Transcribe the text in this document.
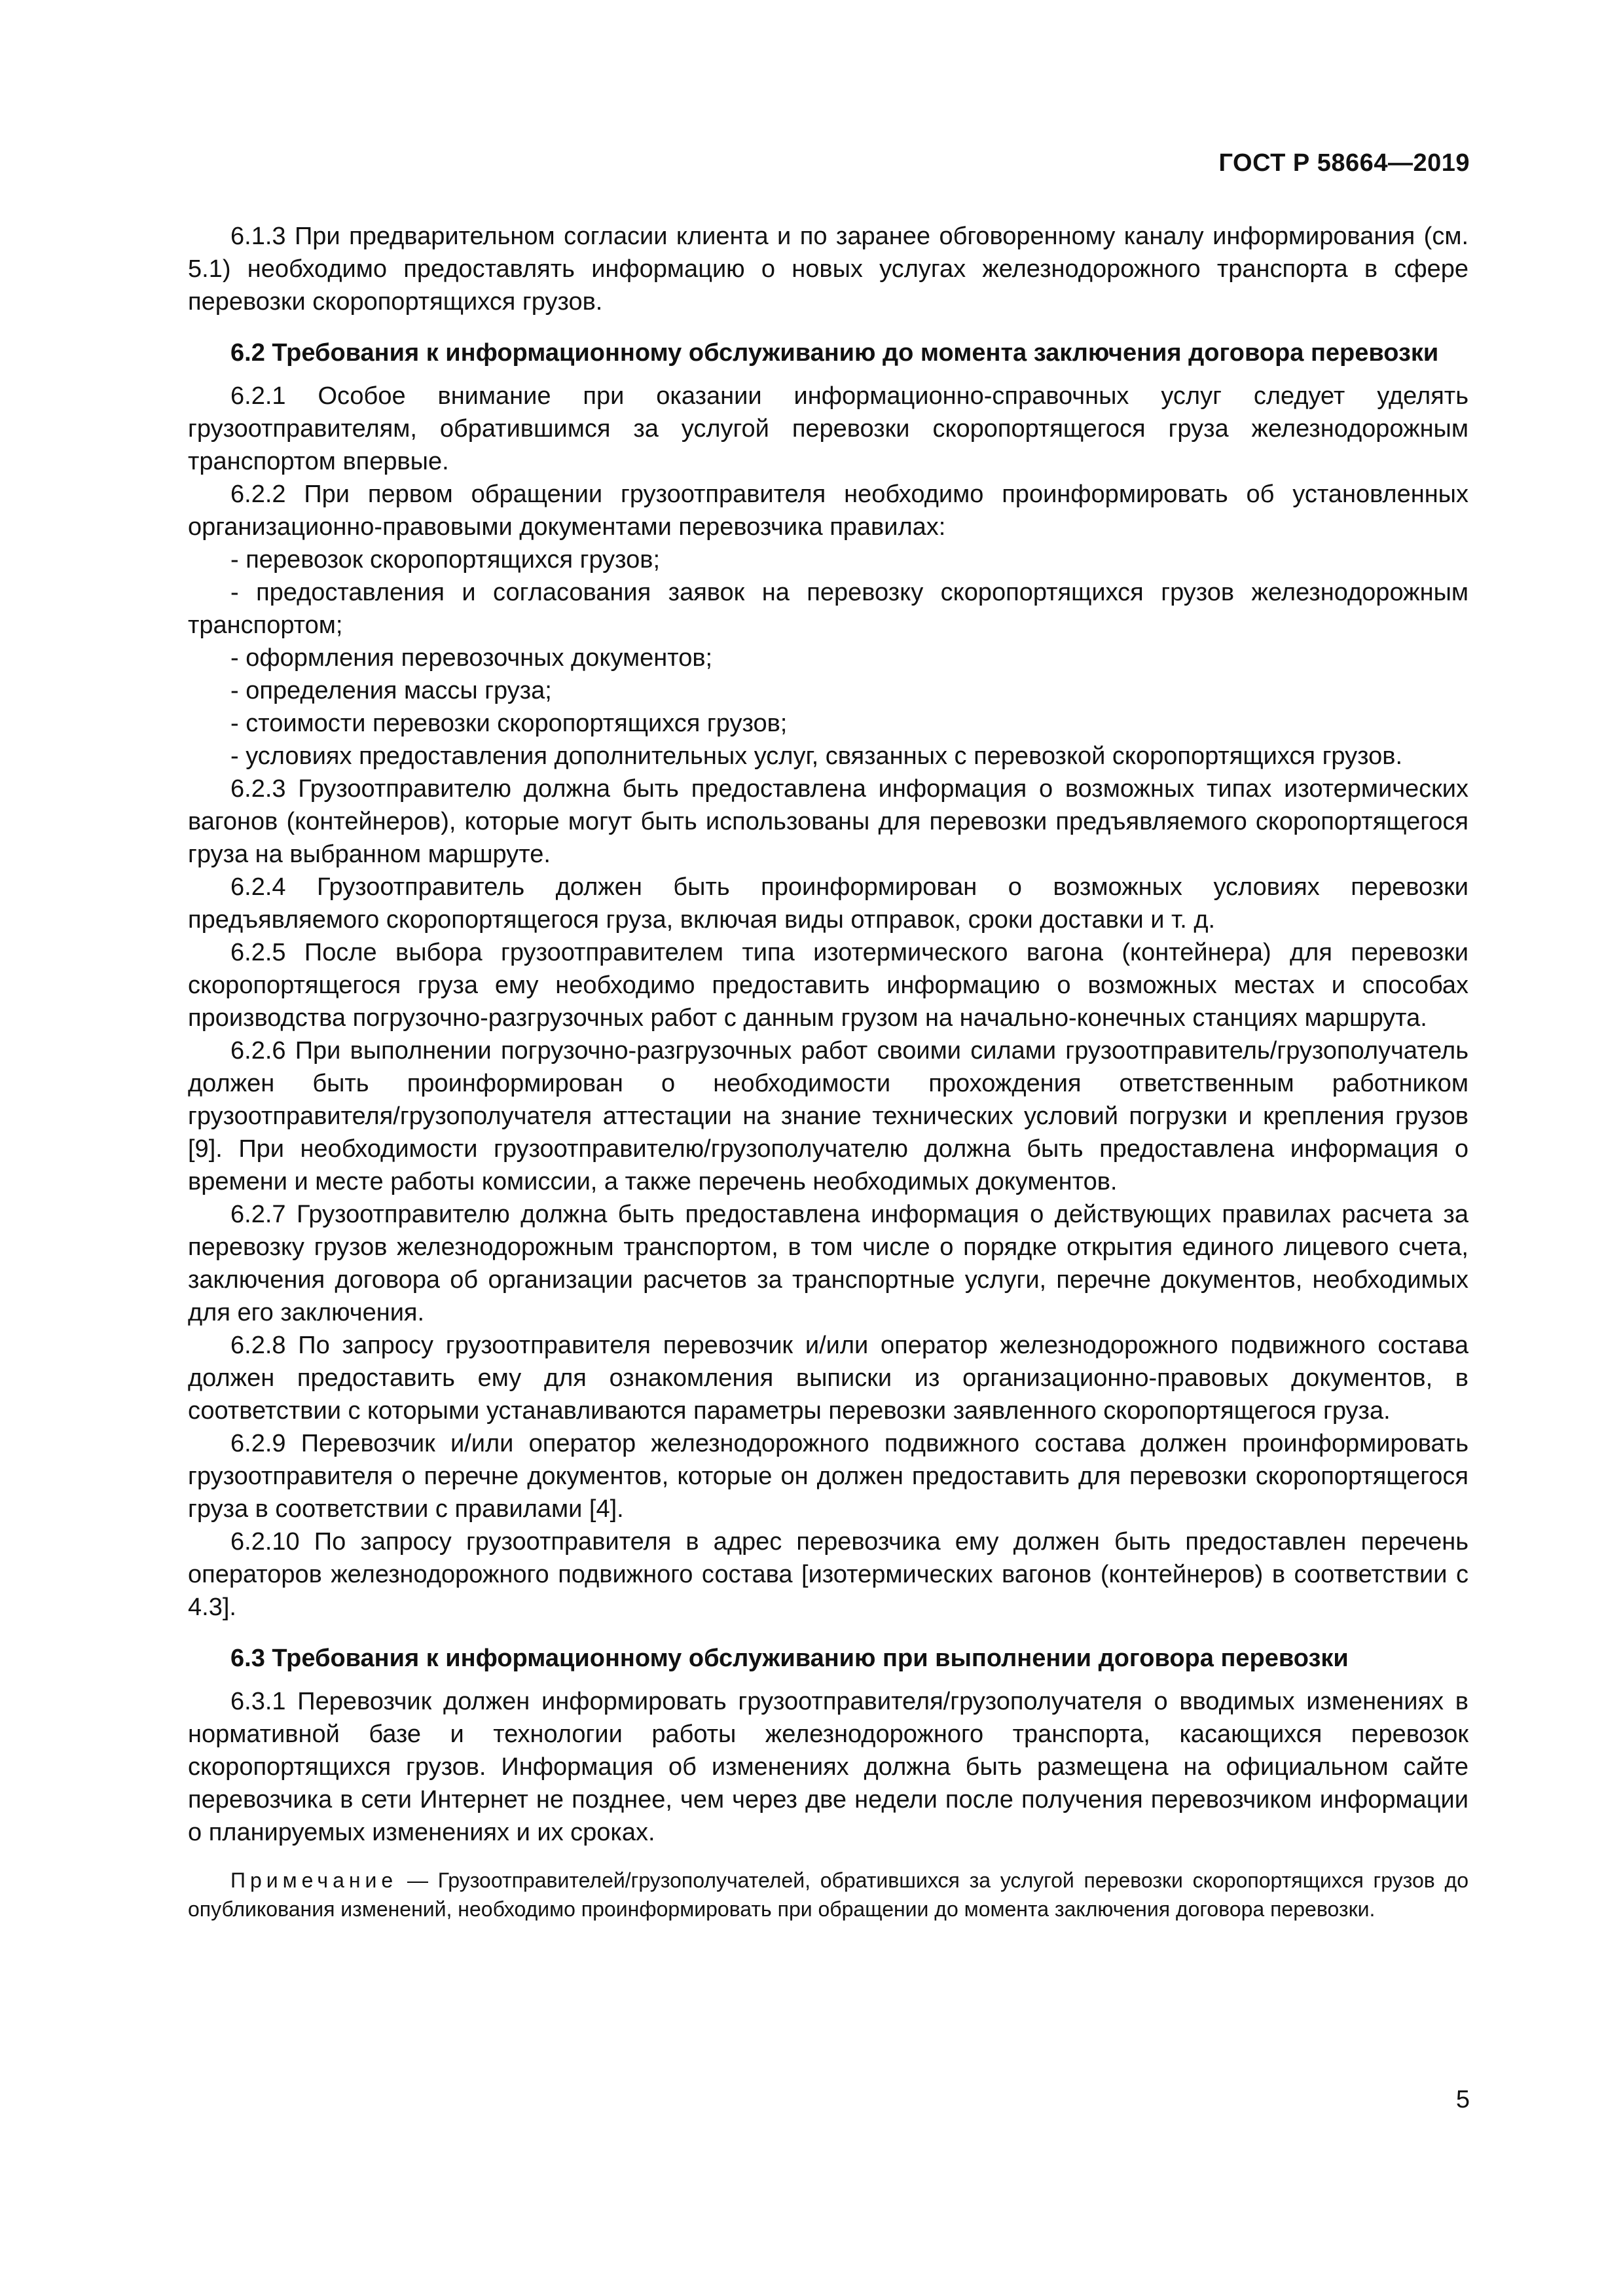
ГОСТ Р 58664—2019

6.1.3 При предварительном согласии клиента и по заранее обговоренному каналу информирования (см. 5.1) необходимо предоставлять информацию о новых услугах железнодорожного транспорта в сфере перевозки скоропортящихся грузов.

6.2 Требования к информационному обслуживанию до момента заключения договора перевозки

6.2.1 Особое внимание при оказании информационно-справочных услуг следует уделять грузоотправителям, обратившимся за услугой перевозки скоропортящегося груза железнодорожным транспортом впервые.

6.2.2 При первом обращении грузоотправителя необходимо проинформировать об установленных организационно-правовыми документами перевозчика правилах:

- перевозок скоропортящихся грузов;

- предоставления и согласования заявок на перевозку скоропортящихся грузов железнодорожным транспортом;

- оформления перевозочных документов;

- определения массы груза;

- стоимости перевозки скоропортящихся грузов;

- условиях предоставления дополнительных услуг, связанных с перевозкой скоропортящихся грузов.

6.2.3 Грузоотправителю должна быть предоставлена информация о возможных типах изотермических вагонов (контейнеров), которые могут быть использованы для перевозки предъявляемого скоропортящегося груза на выбранном маршруте.

6.2.4 Грузоотправитель должен быть проинформирован о возможных условиях перевозки предъявляемого скоропортящегося груза, включая виды отправок, сроки доставки и т. д.

6.2.5 После выбора грузоотправителем типа изотермического вагона (контейнера) для перевозки скоропортящегося груза ему необходимо предоставить информацию о возможных местах и способах производства погрузочно-разгрузочных работ с данным грузом на начально-конечных станциях маршрута.

6.2.6 При выполнении погрузочно-разгрузочных работ своими силами грузоотправитель/грузополучатель должен быть проинформирован о необходимости прохождения ответственным работником грузоотправителя/грузополучателя аттестации на знание технических условий погрузки и крепления грузов [9]. При необходимости грузоотправителю/грузополучателю должна быть предоставлена информация о времени и месте работы комиссии, а также перечень необходимых документов.

6.2.7 Грузоотправителю должна быть предоставлена информация о действующих правилах расчета за перевозку грузов железнодорожным транспортом, в том числе о порядке открытия единого лицевого счета, заключения договора об организации расчетов за транспортные услуги, перечне документов, необходимых для его заключения.

6.2.8 По запросу грузоотправителя перевозчик и/или оператор железнодорожного подвижного состава должен предоставить ему для ознакомления выписки из организационно-правовых документов, в соответствии с которыми устанавливаются параметры перевозки заявленного скоропортящегося груза.

6.2.9 Перевозчик и/или оператор железнодорожного подвижного состава должен проинформировать грузоотправителя о перечне документов, которые он должен предоставить для перевозки скоропортящегося груза в соответствии с правилами [4].

6.2.10 По запросу грузоотправителя в адрес перевозчика ему должен быть предоставлен перечень операторов железнодорожного подвижного состава [изотермических вагонов (контейнеров) в соответствии с 4.3].

6.3 Требования к информационному обслуживанию при выполнении договора перевозки

6.3.1 Перевозчик должен информировать грузоотправителя/грузополучателя о вводимых изменениях в нормативной базе и технологии работы железнодорожного транспорта, касающихся перевозок скоропортящихся грузов. Информация об изменениях должна быть размещена на официальном сайте перевозчика в сети Интернет не позднее, чем через две недели после получения перевозчиком информации о планируемых изменениях и их сроках.

Примечание — Грузоотправителей/грузополучателей, обратившихся за услугой перевозки скоропортящихся грузов до опубликования изменений, необходимо проинформировать при обращении до момента заключения договора перевозки.

5
